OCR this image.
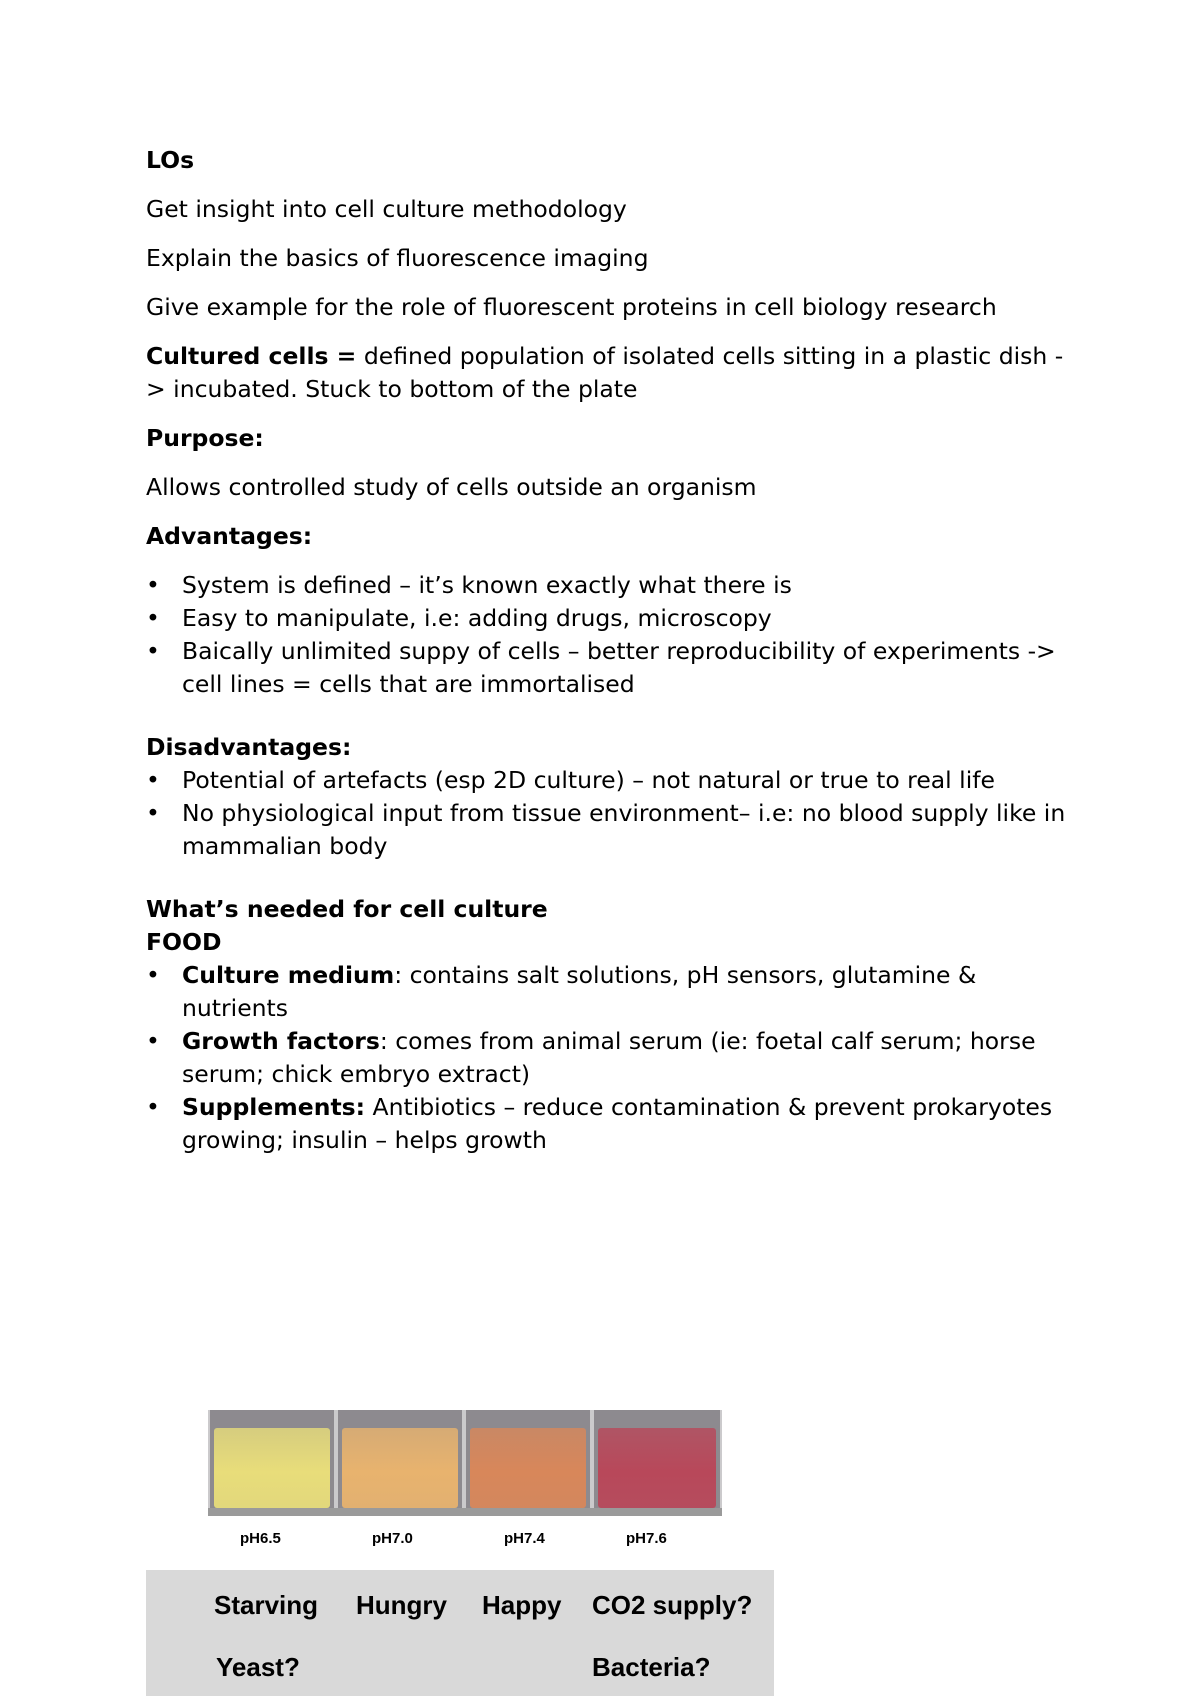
LOs

Get insight into cell culture methodology

Explain the basics of fluorescence imaging

Give example for the role of fluorescent proteins in cell biology research

Cultured cells = defined population of isolated cells sitting in a plastic dish -> incubated. Stuck to bottom of the plate

Purpose:

Allows controlled study of cells outside an organism

Advantages:

• System is defined – it’s known exactly what there is
• Easy to manipulate, i.e: adding drugs, microscopy
• Baically unlimited suppy of cells – better reproducibility of experiments -> cell lines = cells that are immortalised

Disadvantages:

• Potential of artefacts (esp 2D culture) – not natural or true to real life
• No physiological input from tissue environment– i.e: no blood supply like in mammalian body

What’s needed for cell culture

FOOD

• Culture medium: contains salt solutions, pH sensors, glutamine & nutrients
• Growth factors: comes from animal serum (ie: foetal calf serum; horse serum; chick embryo extract)
• Supplements: Antibiotics – reduce contamination & prevent prokaryotes growing; insulin – helps growth
pH6.5	pH7.0	pH7.4	pH7.6
Starving Hungry Happy CO2 supply?
Yeast?	Bacteria?
